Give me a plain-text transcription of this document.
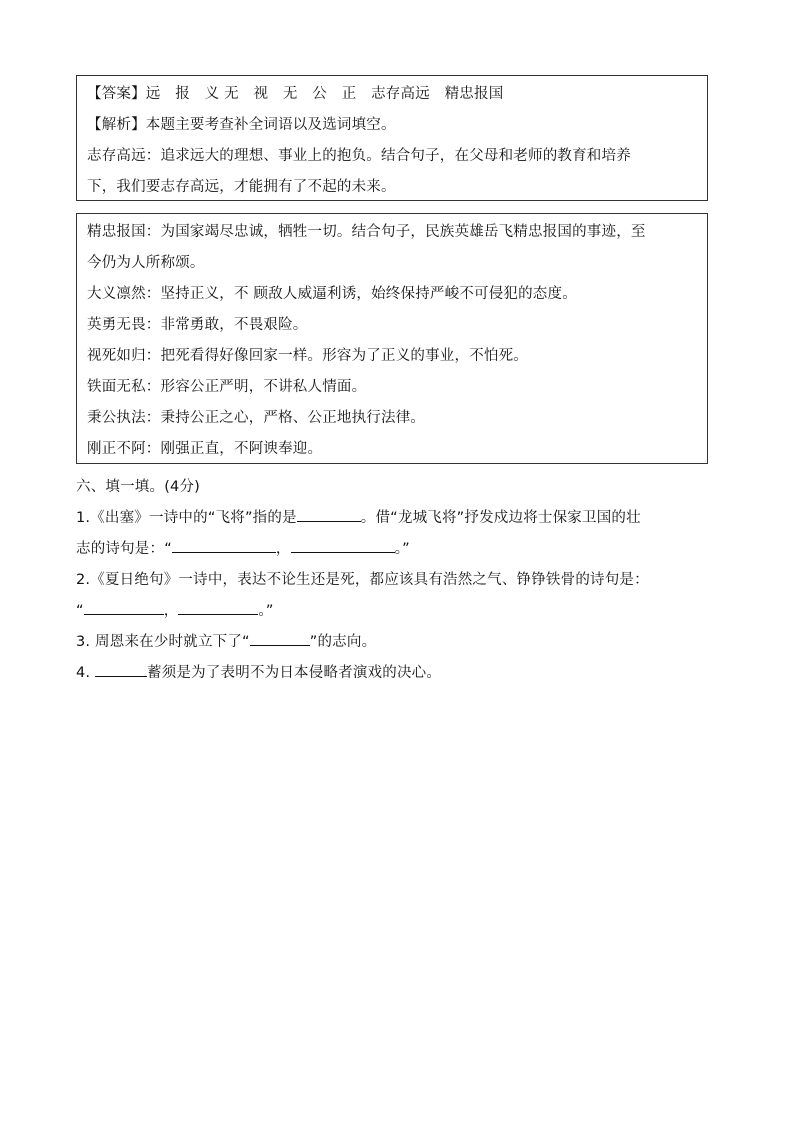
【答案】远　报　义 无　视　无　公　正　志存高远　精忠报国
【解析】本题主要考查补全词语以及选词填空。
志存高远：追求远大的理想、事业上的抱负。结合句子，在父母和老师的教育和培养
下，我们要志存高远，才能拥有了不起的未来。
精忠报国：为国家竭尽忠诚，牺牲一切。结合句子，民族英雄岳飞精忠报国的事迹，至
今仍为人所称颂。
大义凛然：坚持正义，不 顾敌人威逼利诱，始终保持严峻不可侵犯的态度。
英勇无畏：非常勇敢，不畏艰险。
视死如归：把死看得好像回家一样。形容为了正义的事业，不怕死。
铁面无私：形容公正严明，不讲私人情面。
秉公执法：秉持公正之心，严格、公正地执行法律。
刚正不阿：刚强正直，不阿谀奉迎。
六、填一填。(4分)
1.《出塞》一诗中的“飞将”指的是	。借“龙城飞将”抒发戍边将士保家卫国的壮
志的诗句是：“	，	。”
2.《夏日绝句》一诗中，表达不论生还是死，都应该具有浩然之气、铮铮铁骨的诗句是：
“	，	。”
3. 周恩来在少时就立下了“	”的志向。
4.	蓄须是为了表明不为日本侵略者演戏的决心。
